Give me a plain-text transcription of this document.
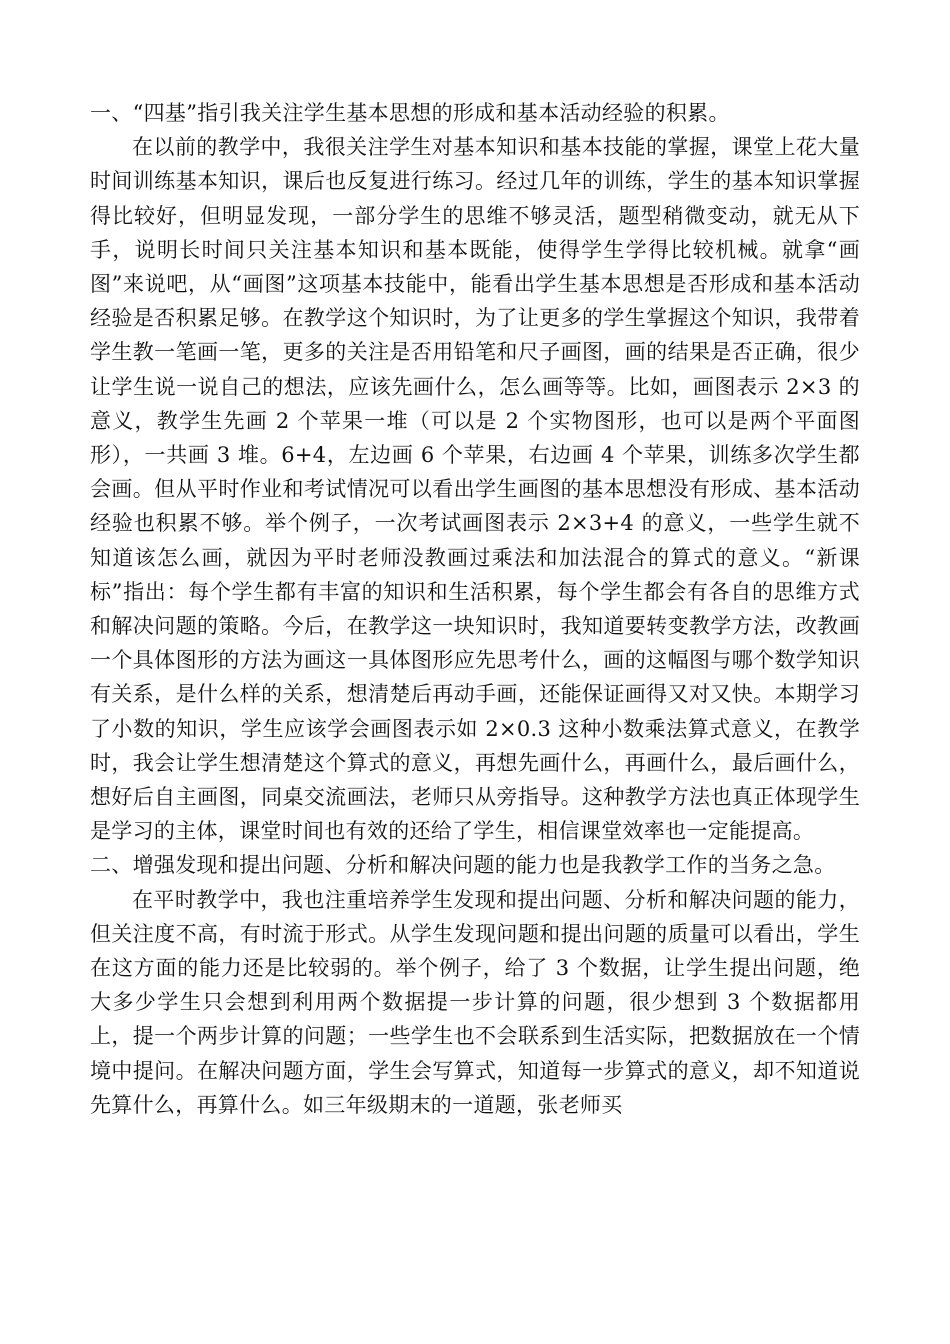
一、“四基”指引我关注学生基本思想的形成和基本活动经验的积累。

在以前的教学中，我很关注学生对基本知识和基本技能的掌握，课堂上花大量时间训练基本知识，课后也反复进行练习。经过几年的训练，学生的基本知识掌握得比较好，但明显发现，一部分学生的思维不够灵活，题型稍微变动，就无从下手，说明长时间只关注基本知识和基本既能，使得学生学得比较机械。就拿“画图”来说吧，从“画图”这项基本技能中，能看出学生基本思想是否形成和基本活动经验是否积累足够。在教学这个知识时，为了让更多的学生掌握这个知识，我带着学生教一笔画一笔，更多的关注是否用铅笔和尺子画图，画的结果是否正确，很少让学生说一说自己的想法，应该先画什么，怎么画等等。比如，画图表示 2×3 的意义，教学生先画 2 个苹果一堆（可以是 2 个实物图形，也可以是两个平面图形），一共画 3 堆。6+4，左边画 6 个苹果，右边画 4 个苹果，训练多次学生都会画。但从平时作业和考试情况可以看出学生画图的基本思想没有形成、基本活动经验也积累不够。举个例子，一次考试画图表示 2×3+4 的意义，一些学生就不知道该怎么画，就因为平时老师没教画过乘法和加法混合的算式的意义。“新课标”指出：每个学生都有丰富的知识和生活积累，每个学生都会有各自的思维方式和解决问题的策略。今后，在教学这一块知识时，我知道要转变教学方法，改教画一个具体图形的方法为画这一具体图形应先思考什么，画的这幅图与哪个数学知识有关系，是什么样的关系，想清楚后再动手画，还能保证画得又对又快。本期学习了小数的知识，学生应该学会画图表示如 2×0.3 这种小数乘法算式意义，在教学时，我会让学生想清楚这个算式的意义，再想先画什么，再画什么，最后画什么，想好后自主画图，同桌交流画法，老师只从旁指导。这种教学方法也真正体现学生是学习的主体，课堂时间也有效的还给了学生，相信课堂效率也一定能提高。

二、增强发现和提出问题、分析和解决问题的能力也是我教学工作的当务之急。

在平时教学中，我也注重培养学生发现和提出问题、分析和解决问题的能力，但关注度不高，有时流于形式。从学生发现问题和提出问题的质量可以看出，学生在这方面的能力还是比较弱的。举个例子，给了 3 个数据，让学生提出问题，绝大多少学生只会想到利用两个数据提一步计算的问题，很少想到 3 个数据都用上，提一个两步计算的问题；一些学生也不会联系到生活实际，把数据放在一个情境中提问。在解决问题方面，学生会写算式，知道每一步算式的意义，却不知道说先算什么，再算什么。如三年级期末的一道题，张老师买
